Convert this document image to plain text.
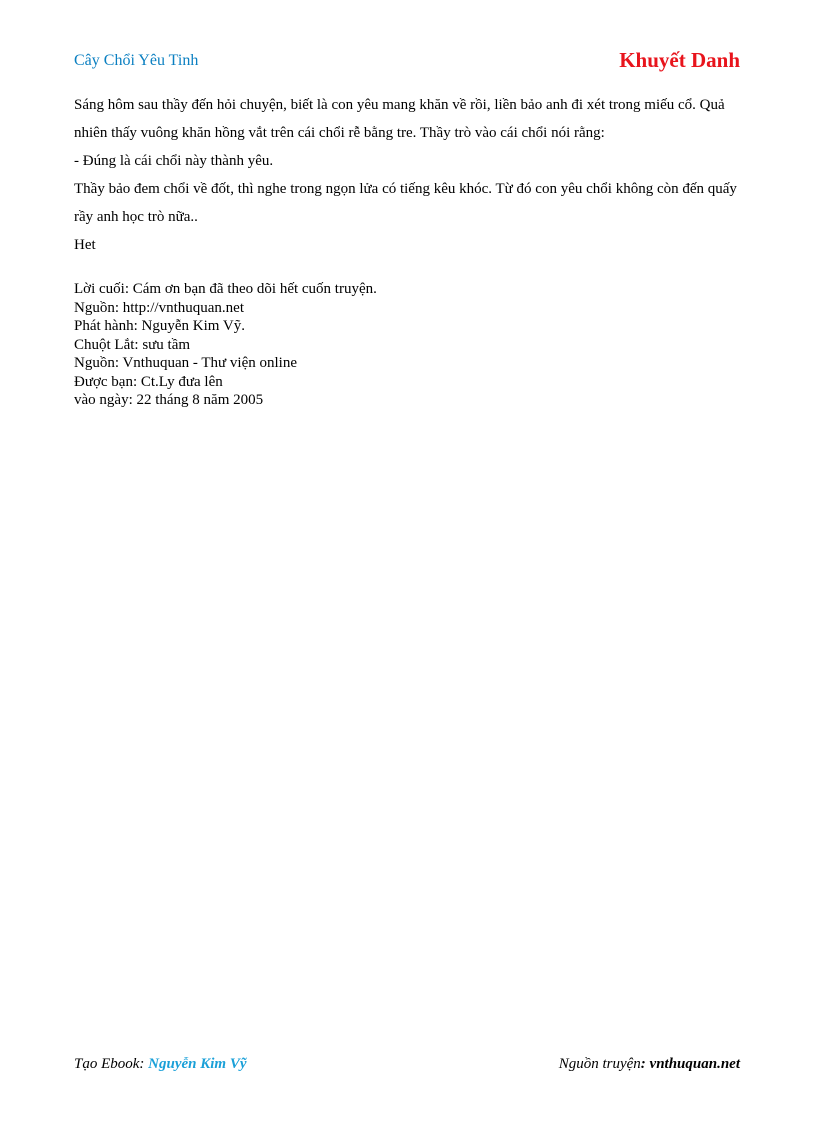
Cây Chổi Yêu Tinh	Khuyết Danh

Sáng hôm sau thầy đến hỏi chuyện, biết là con yêu mang khăn về rồi, liền bảo anh đi xét trong miếu cổ. Quả nhiên thấy vuông khăn hồng vắt trên cái chổi rễ bằng tre. Thầy trò vào cái chổi nói rằng:

- Đúng là cái chổi này thành yêu.

Thầy bảo đem chổi về đốt, thì nghe trong ngọn lửa có tiếng kêu khóc. Từ đó con yêu chổi không còn đến quấy rầy anh học trò nữa..

Het

Lời cuối: Cám ơn bạn đã theo dõi hết cuốn truyện.
Nguồn: http://vnthuquan.net
Phát hành: Nguyễn Kim Vỹ.
Chuột Lắt: sưu tầm
Nguồn: Vnthuquan - Thư viện online
Được bạn: Ct.Ly đưa lên
vào ngày: 22 tháng 8 năm 2005
Tạo Ebook: Nguyễn Kim Vỹ	Nguồn truyện: vnthuquan.net
